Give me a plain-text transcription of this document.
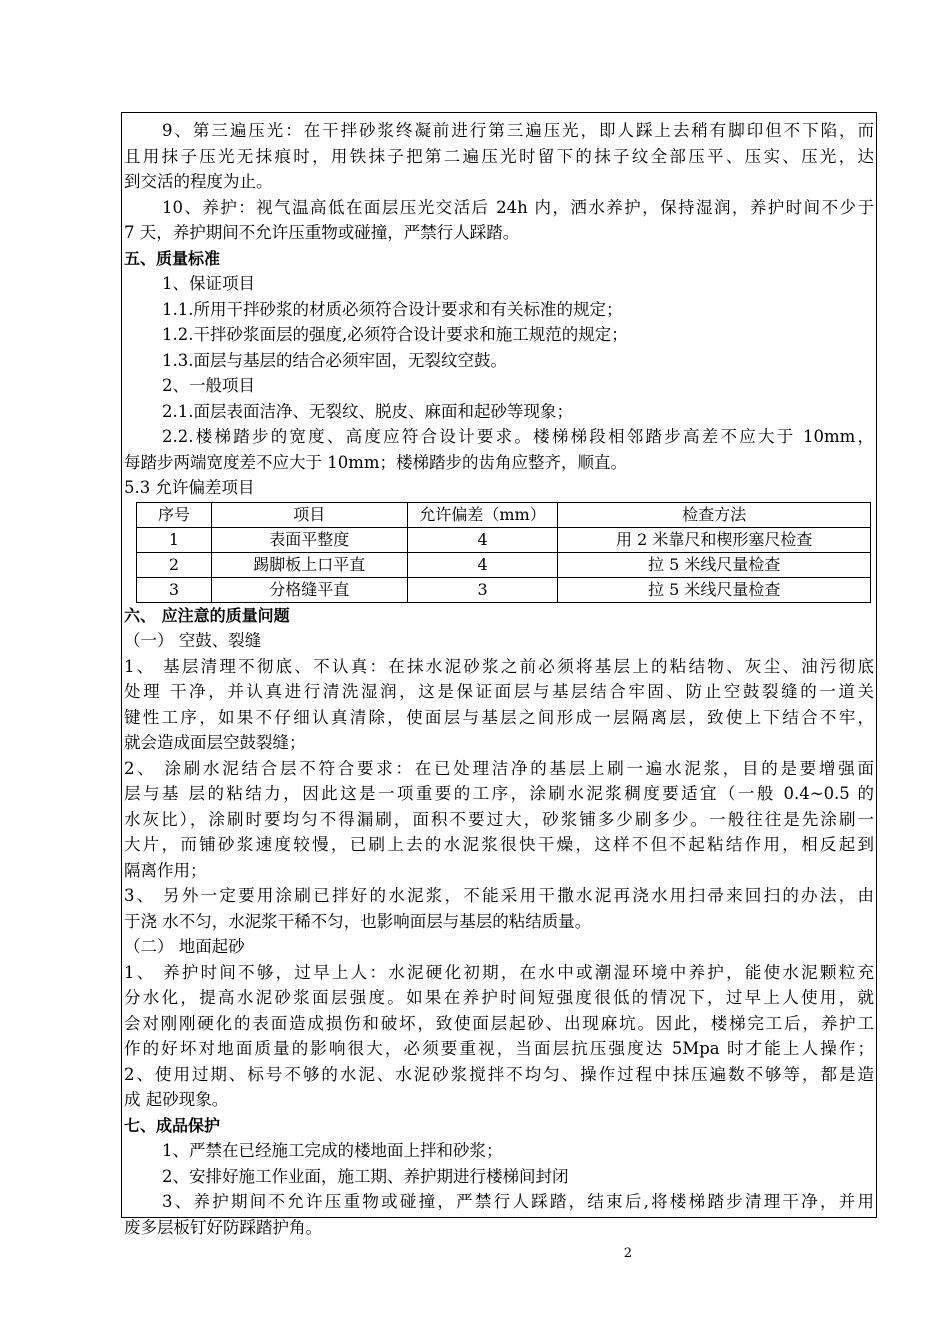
9、第三遍压光：在干拌砂浆终凝前进行第三遍压光，即人踩上去稍有脚印但不下陷，而
且用抹子压光无抹痕时，用铁抹子把第二遍压光时留下的抹子纹全部压平、压实、压光，达
到交活的程度为止。
10、养护：视气温高低在面层压光交活后 24h 内，洒水养护，保持湿润，养护时间不少于
7 天，养护期间不允许压重物或碰撞，严禁行人踩踏。
五、质量标准
1、保证项目
1.1.所用干拌砂浆的材质必须符合设计要求和有关标准的规定；
1.2.干拌砂浆面层的强度,必须符合设计要求和施工规范的规定；
1.3.面层与基层的结合必须牢固，无裂纹空鼓。
2、一般项目
2.1.面层表面洁净、无裂纹、脱皮、麻面和起砂等现象；
2.2.楼梯踏步的宽度、高度应符合设计要求。楼梯梯段相邻踏步高差不应大于 10mm，
每踏步两端宽度差不应大于 10mm；楼梯踏步的齿角应整齐，顺直。
5.3 允许偏差项目
序号	项目	允许偏差（mm）	检查方法
1	表面平整度	4	用 2 米靠尺和楔形塞尺检查
2	踢脚板上口平直	4	拉 5 米线尺量检查
3	分格缝平直	3	拉 5 米线尺量检查
六、 应注意的质量问题
（一） 空鼓、裂缝
1、 基层清理不彻底、不认真：在抹水泥砂浆之前必须将基层上的粘结物、灰尘、油污彻底
处理 干净，并认真进行清洗湿润，这是保证面层与基层结合牢固、防止空鼓裂缝的一道关
键性工序，如果不仔细认真清除，使面层与基层之间形成一层隔离层，致使上下结合不牢，
就会造成面层空鼓裂缝；
2、 涂刷水泥结合层不符合要求：在已处理洁净的基层上刷一遍水泥浆，目的是要增强面
层与基 层的粘结力，因此这是一项重要的工序，涂刷水泥浆稠度要适宜（一般 0.4~0.5 的
水灰比），涂刷时要均匀不得漏刷，面积不要过大，砂浆铺多少刷多少。一般往往是先涂刷一
大片，而铺砂浆速度较慢，已刷上去的水泥浆很快干燥，这样不但不起粘结作用，相反起到
隔离作用；
3、 另外一定要用涂刷已拌好的水泥浆，不能采用干撒水泥再浇水用扫帚来回扫的办法，由
于浇 水不匀，水泥浆干稀不匀，也影响面层与基层的粘结质量。
（二） 地面起砂
1、 养护时间不够，过早上人：水泥硬化初期，在水中或潮湿环境中养护，能使水泥颗粒充
分水化，提高水泥砂浆面层强度。如果在养护时间短强度很低的情况下，过早上人使用，就
会对刚刚硬化的表面造成损伤和破坏，致使面层起砂、出现麻坑。因此，楼梯完工后，养护工
作的好坏对地面质量的影响很大，必须要重视，当面层抗压强度达 5Mpa 时才能上人操作；
2、使用过期、标号不够的水泥、水泥砂浆搅拌不均匀、操作过程中抹压遍数不够等，都是造
成 起砂现象。
七、成品保护
1、严禁在已经施工完成的楼地面上拌和砂浆；
2、安排好施工作业面，施工期、养护期进行楼梯间封闭
3、养护期间不允许压重物或碰撞，严禁行人踩踏，结束后,将楼梯踏步清理干净，并用
废多层板钉好防踩踏护角。
2
